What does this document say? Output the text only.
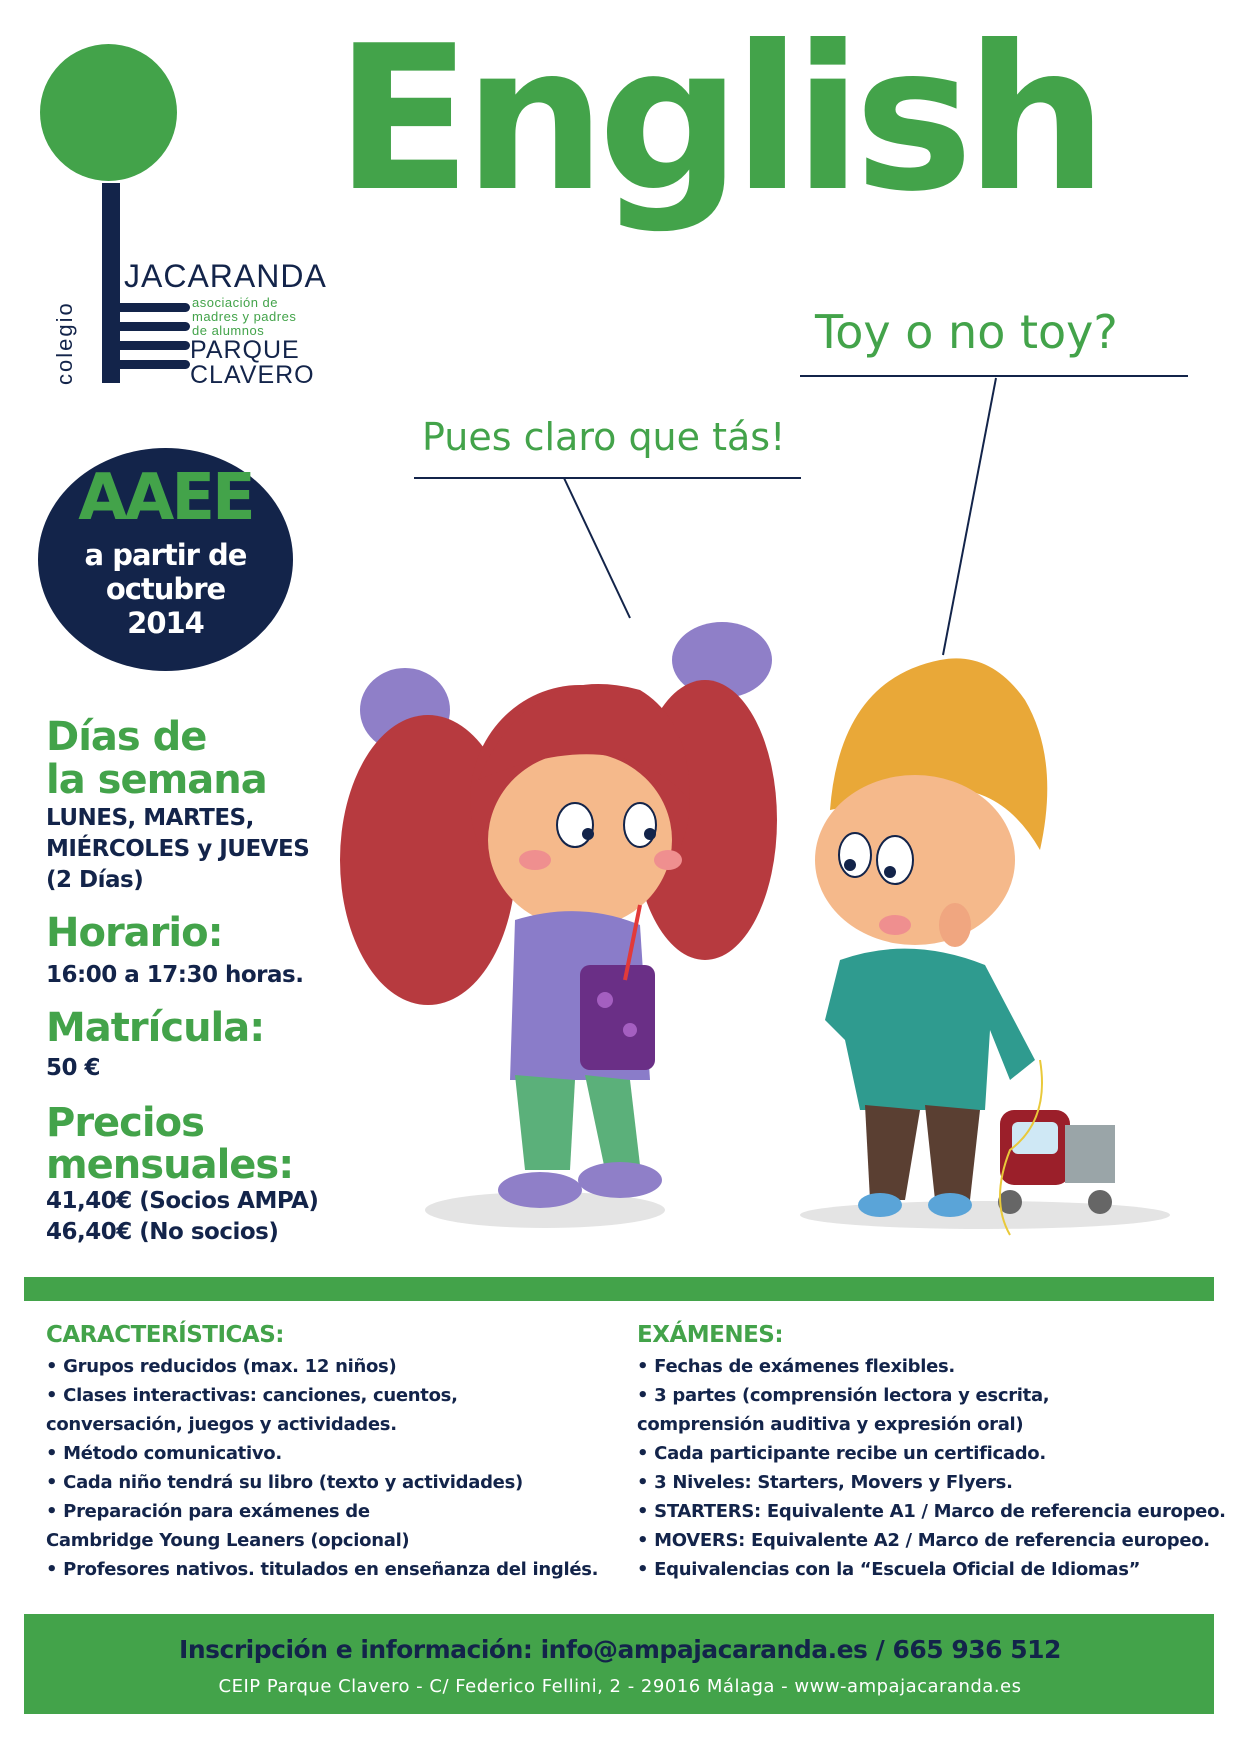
colegio
JACARANDA
asociación de
madres y padres
de alumnos
PARQUE
CLAVERO
English
Toy o no toy?
Pues claro que tás!
AAEE
a partir de
octubre
2014
Días de
la semana
LUNES, MARTES,
MIÉRCOLES y JUEVES
(2 Días)
Horario:
16:00 a 17:30 horas.
Matrícula:
50 €
Precios
mensuales:
41,40€ (Socios AMPA)
46,40€ (No socios)
CARACTERÍSTICAS:
• Grupos reducidos (max. 12 niños)
• Clases interactivas: canciones, cuentos,
conversación, juegos y actividades.
• Método comunicativo.
• Cada niño tendrá su libro (texto y actividades)
• Preparación para exámenes de
Cambridge Young Leaners (opcional)
• Profesores nativos. titulados en enseñanza del inglés.
EXÁMENES:
• Fechas de exámenes flexibles.
• 3 partes (comprensión lectora y escrita,
comprensión auditiva y expresión oral)
• Cada participante recibe un certificado.
• 3 Niveles: Starters, Movers y Flyers.
• STARTERS: Equivalente A1 / Marco de referencia europeo.
• MOVERS: Equivalente A2 / Marco de referencia europeo.
• Equivalencias con la “Escuela Oficial de Idiomas”
Inscripción e información: info@ampajacaranda.es / 665 936 512
CEIP Parque Clavero - C/ Federico Fellini, 2 - 29016 Málaga - www-ampajacaranda.es
